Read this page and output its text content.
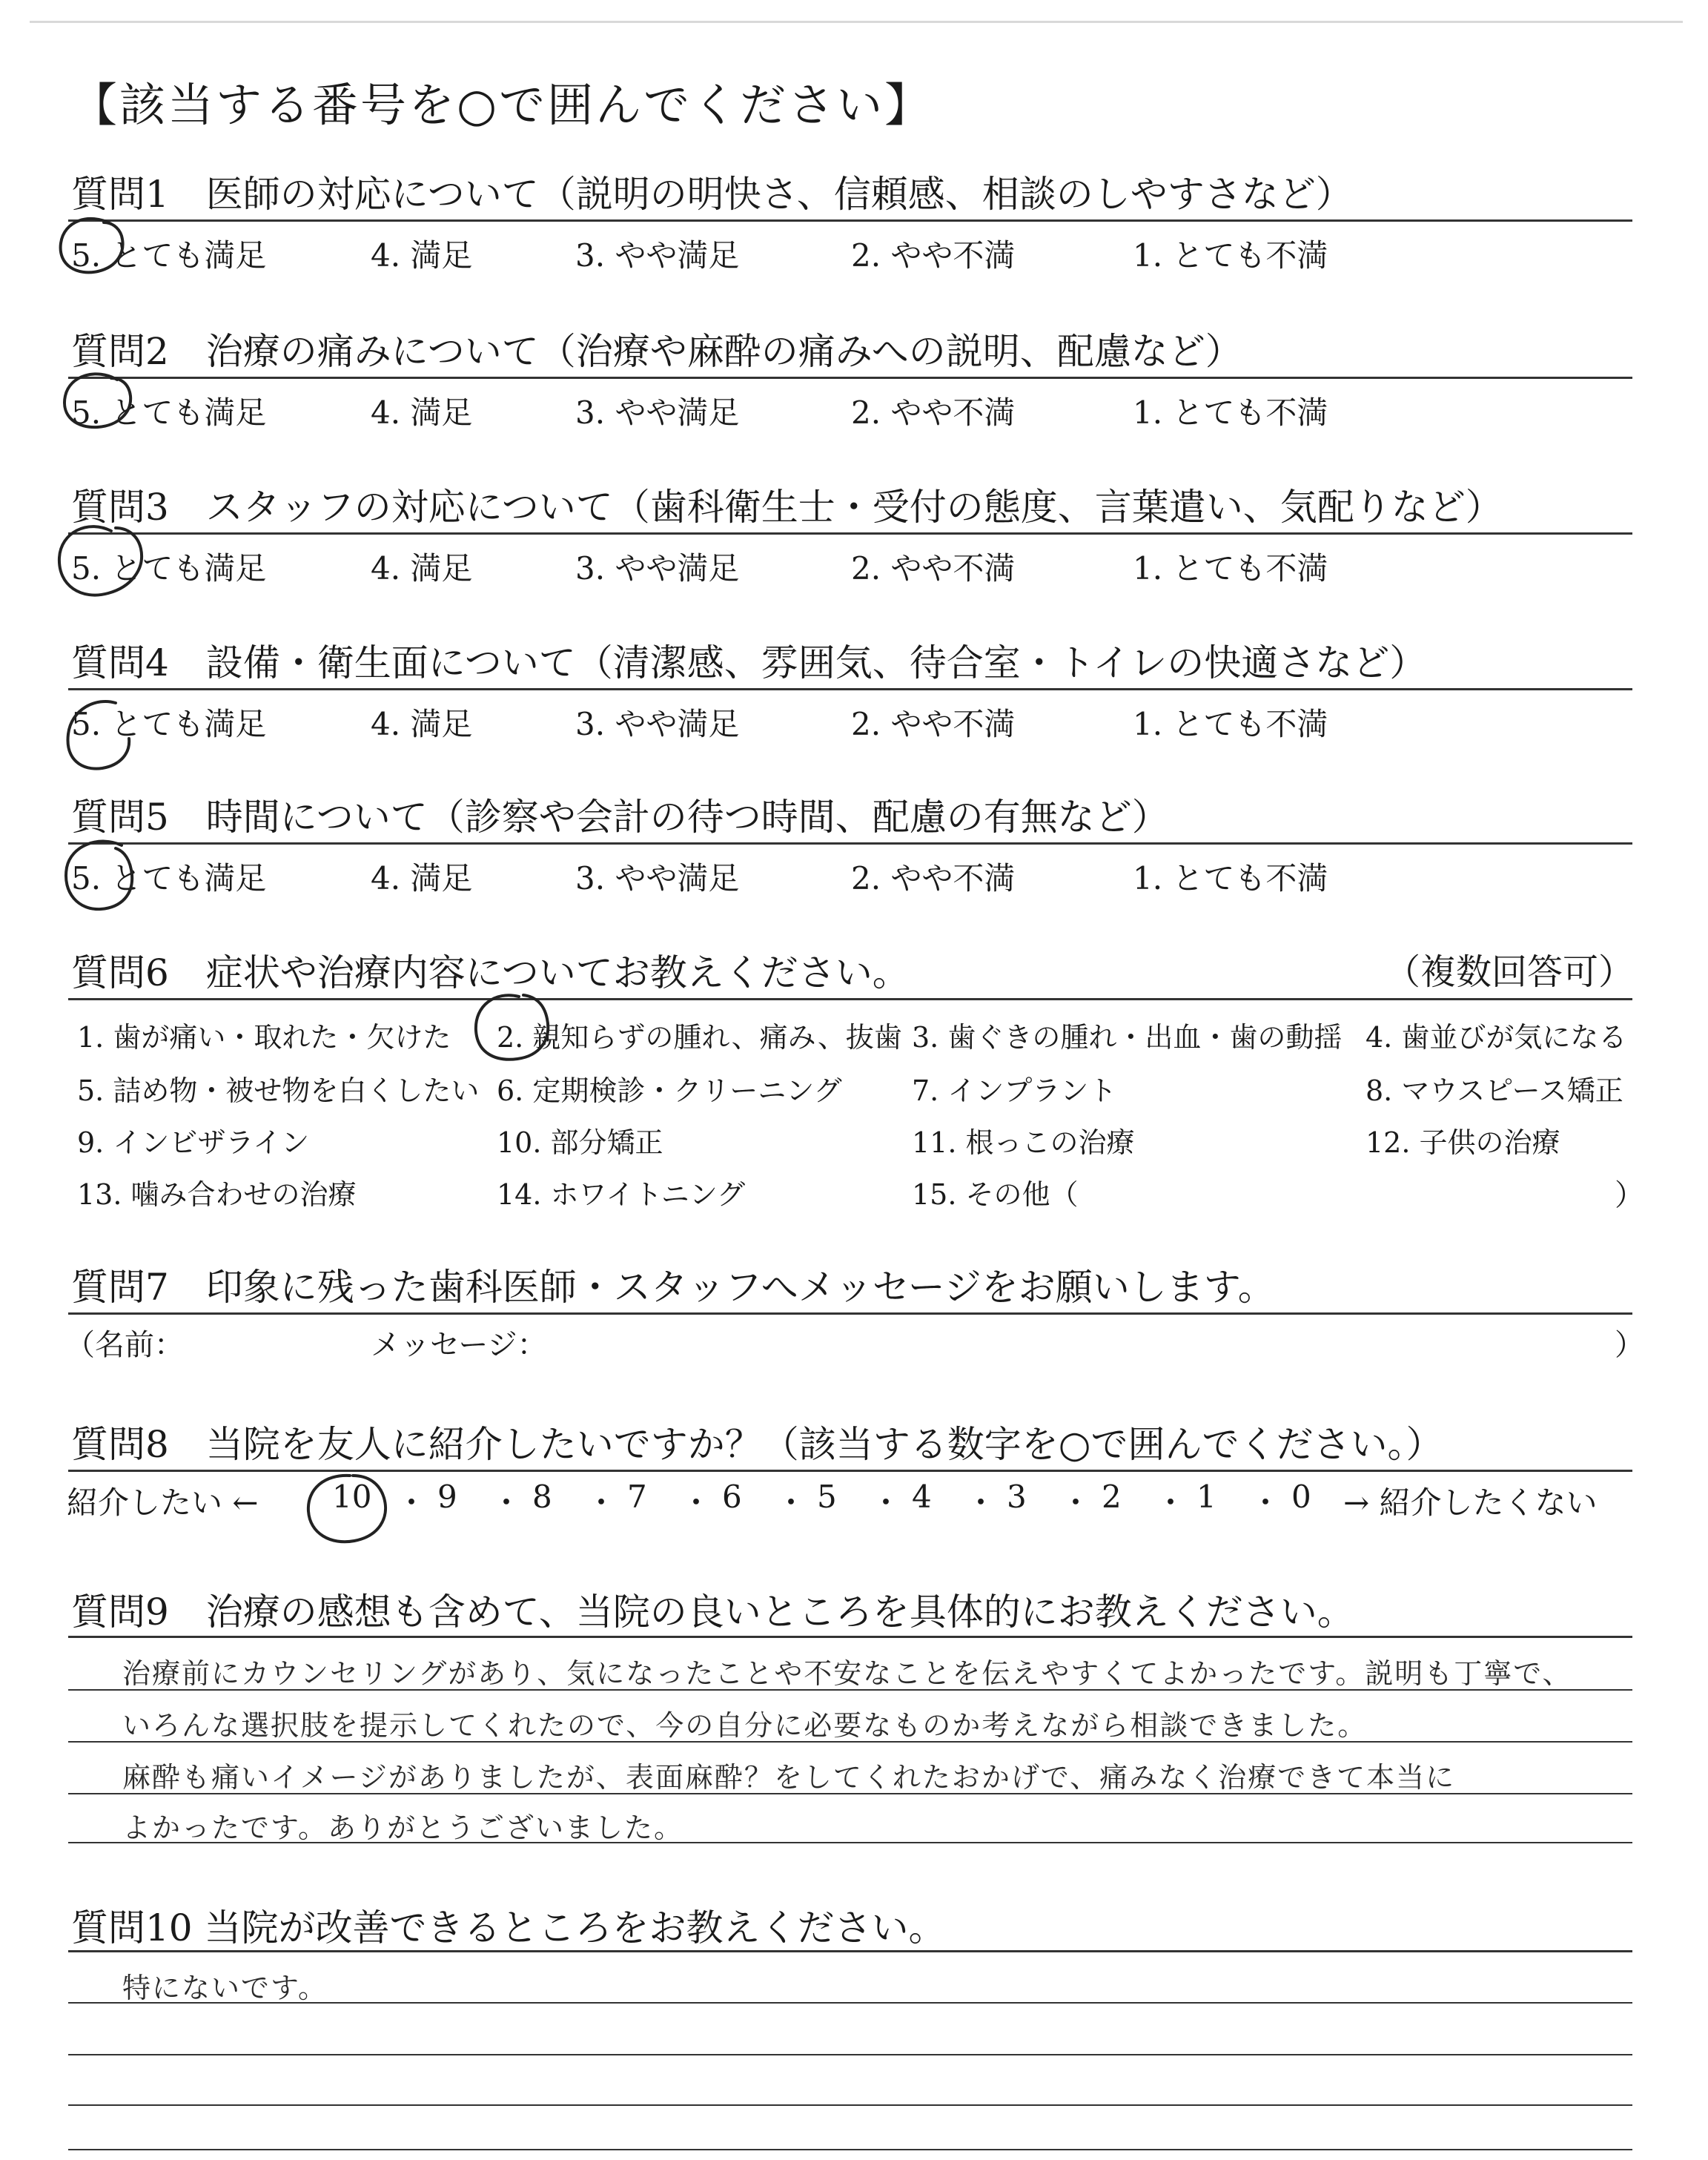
【該当する番号を○で囲んでください】
質問1　医師の対応について（説明の明快さ、信頼感、相談のしやすさなど）
5. とても満足	4. 満足	3. やや満足	2. やや不満	1. とても不満
質問2　治療の痛みについて（治療や麻酔の痛みへの説明、配慮など）
5. とても満足	4. 満足	3. やや満足	2. やや不満	1. とても不満
質問3　スタッフの対応について（歯科衛生士・受付の態度、言葉遣い、気配りなど）
5. とても満足	4. 満足	3. やや満足	2. やや不満	1. とても不満
質問4　設備・衛生面について（清潔感、雰囲気、待合室・トイレの快適さなど）
5. とても満足	4. 満足	3. やや満足	2. やや不満	1. とても不満
質問5　時間について（診察や会計の待つ時間、配慮の有無など）
5. とても満足	4. 満足	3. やや満足	2. やや不満	1. とても不満
質問6　症状や治療内容についてお教えください。	（複数回答可）
1. 歯が痛い・取れた・欠けた 2. 親知らずの腫れ、痛み、抜歯 3. 歯ぐきの腫れ・出血・歯の動揺 4. 歯並びが気になる
5. 詰め物・被せ物を白くしたい 6. 定期検診・クリーニング 7. インプラント	8. マウスピース矯正
9. インビザライン	10. 部分矯正	11. 根っこの治療	12. 子供の治療
13. 噛み合わせの治療	14. ホワイトニング	15. その他（	）
質問7　印象に残った歯科医師・スタッフへメッセージをお願いします。
（名前：	メッセージ：	）
質問8　当院を友人に紹介したいですか？（該当する数字を○で囲んでください。）
紹介したい ← 10 ・ 9 ・ 8 ・ 7 ・ 6 ・ 5 ・ 4 ・ 3 ・ 2 ・ 1 ・ 0 → 紹介したくない
質問9　治療の感想も含めて、当院の良いところを具体的にお教えください。
治療前にカウンセリングがあり、気になったことや不安なことを伝えやすくてよかったです。説明も丁寧で、
いろんな選択肢を提示してくれたので、今の自分に必要なものか考えながら相談できました。
麻酔も痛いイメージがありましたが、表面麻酔？をしてくれたおかげで、痛みなく治療できて本当に
よかったです。ありがとうございました。
質問10 当院が改善できるところをお教えください。
特にないです。
